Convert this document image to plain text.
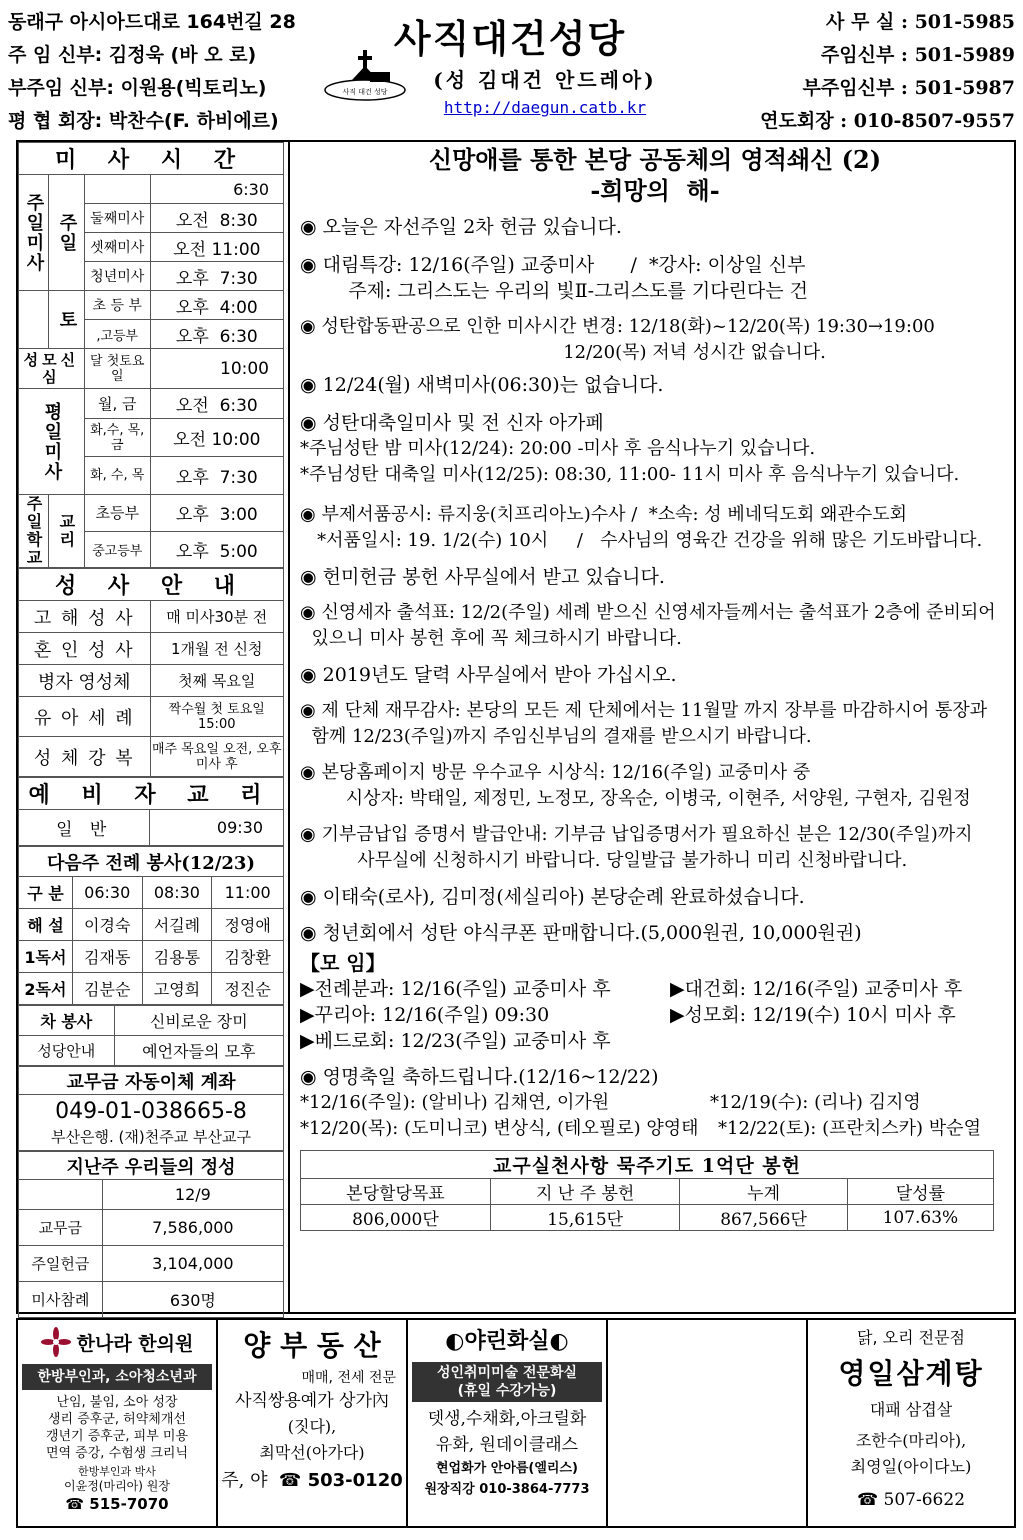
동래구 아시아드대로 164번길 28
주 임 신부: 김정욱 (바 오 로)
부주임 신부: 이원용(빅토리노)
평 협 회장: 박찬수(F. 하비에르)
사직 대건 성당
사직대건성당
(성 김대건 안드레아)
http://daegun.catb.kr
사 무 실 : 501-5985
주임신부 : 501-5989
부주임신부 : 501-5987
연도회장 : 010-8507-9557
미 사 시 간			
주일미사	주일		6:30
		둘째미사	오전 8:30
		셋째미사	오전 11:00
		청년미사	오후 7:30
	토	초 등 부	오후 4:00
		,고등부	오후 6:30
성모신심		달 첫토요일	10:00
평일미사		월, 금	오전 6:30
		화,수, 목, 금	오전 10:00
		화, 수, 목	오후 7:30
주일학교	교리	초등부	오후 3:00
		중고등부	오후 5:00
성 사 안 내	
고 해 성 사	매 미사30분 전
혼 인 성 사	1개월 전 신청
병자 영성체	첫째 목요일
유 아 세 례	짝수월 첫 토요일 15:00
성 체 강 복	매주 목요일 오전, 오후 미사 후
예 비 자 교 리
일 반	09:30
다음주 전례 봉사(12/23)			
구 분	06:30	08:30	11:00
해 설	이경숙	서길례	정영애
1독서	김재동	김용통	김창환
2독서	김분순	고영희	정진순
차 봉사	신비로운 장미
성당안내	예언자들의 모후
교무금 자동이체 계좌

049-01-038665-8
부산은행. (재)천주교 부산교구
지난주 우리들의 정성	
	12/9
교무금	7,586,000
주일헌금	3,104,000
미사참례	630명
신망애를 통한 본당 공동체의 영적쇄신 (2)
-희망의  해-
◉ 오늘은 자선주일 2차 헌금 있습니다.
◉ 대림특강: 12/16(주일) 교중미사      /  *강사: 이상일 신부
주제: 그리스도는 우리의 빛Ⅱ-그리스도를 기다린다는 건
◉ 성탄합동판공으로 인한 미사시간 변경: 12/18(화)~12/20(목) 19:30→19:00
12/20(목) 저녁 성시간 없습니다.
◉ 12/24(월) 새벽미사(06:30)는 없습니다.
◉ 성탄대축일미사 및 전 신자 아가페
*주님성탄 밤 미사(12/24): 20:00 -미사 후 음식나누기 있습니다.
*주님성탄 대축일 미사(12/25): 08:30, 11:00- 11시 미사 후 음식나누기 있습니다.
◉ 부제서품공시: 류지웅(치프리아노)수사 /  *소속: 성 베네딕도회 왜관수도회
*서품일시: 19. 1/2(수) 10시     /   수사님의 영육간 건강을 위해 많은 기도바랍니다.
◉ 헌미헌금 봉헌 사무실에서 받고 있습니다.
◉ 신영세자 출석표: 12/2(주일) 세례 받으신 신영세자들께서는 출석표가 2층에 준비되어
있으니 미사 봉헌 후에 꼭 체크하시기 바랍니다.
◉ 2019년도 달력 사무실에서 받아 가십시오.
◉ 제 단체 재무감사: 본당의 모든 제 단체에서는 11월말 까지 장부를 마감하시어 통장과
함께 12/23(주일)까지 주임신부님의 결재를 받으시기 바랍니다.
◉ 본당홈페이지 방문 우수교우 시상식: 12/16(주일) 교중미사 중
시상자: 박태일, 제정민, 노정모, 장옥순, 이병국, 이현주, 서양원, 구현자, 김원정
◉ 기부금납입 증명서 발급안내: 기부금 납입증명서가 필요하신 분은 12/30(주일)까지
사무실에 신청하시기 바랍니다. 당일발급 불가하니 미리 신청바랍니다.
◉ 이태숙(로사), 김미정(세실리아) 본당순례 완료하셨습니다.
◉ 청년회에서 성탄 야식쿠폰 판매합니다.(5,000원권, 10,000원권)
【모 임】
▶전례분과: 12/16(주일) 교중미사 후	▶대건회: 12/16(주일) 교중미사 후
▶꾸리아: 12/16(주일) 09:30	▶성모회: 12/19(수) 10시 미사 후
▶베드로회: 12/23(주일) 교중미사 후
◉ 영명축일 축하드립니다.(12/16~12/22)
*12/16(주일): (알비나) 김채연, 이가원	*12/19(수): (리나) 김지영
*12/20(목): (도미니코) 변상식, (테오필로) 양영태	*12/22(토): (프란치스카) 박순열
교구실천사항 묵주기도 1억단 봉헌			
본당할당목표	지 난 주 봉헌	누계	달성률
806,000단	15,615단	867,566단	107.63%
한나라 한의원
한방부인과, 소아청소년과
난임, 불임, 소아 성장
생리 증후군, 허약체개선
갱년기 증후군, 피부 미용
면역 증강, 수험생 크리닉
한방부인과 박사
이윤정(마리아) 원장
☎ 515-7070
양 부 동 산
매매, 전세 전문
사직쌍용예가 상가內
(짓다),
최막선(아가다)
주, 야 ☎ 503-0120
◐야린화실◐
성인취미미술 전문화실
(휴일 수강가능)
뎃생,수채화,아크릴화
유화, 원데이클래스
현업화가 안아름(엘리스)
원장직강 010-3864-7773
닭, 오리 전문점
영일삼계탕
대패 삼겹살
조한수(마리아),
최영일(아이다노)
☎ 507-6622
